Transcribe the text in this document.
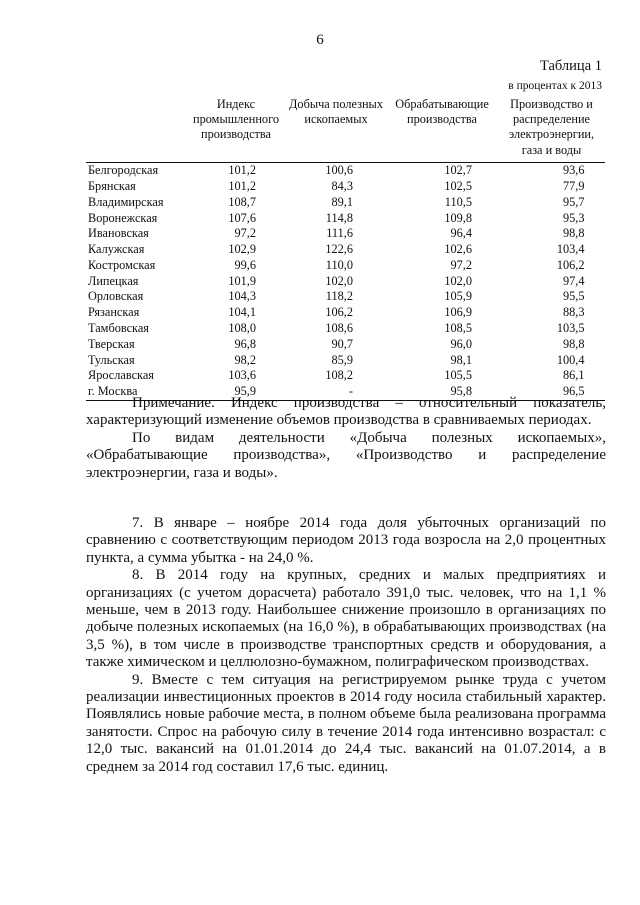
6
Таблица 1
в процентах к 2013
	Индекс промышленного производства	Добыча полезных ископаемых	Обрабатывающие производства	Производство и распределение электроэнергии, газа и воды
Белгородская	101,2	100,6	102,7	93,6
Брянская	101,2	84,3	102,5	77,9
Владимирская	108,7	89,1	110,5	95,7
Воронежская	107,6	114,8	109,8	95,3
Ивановская	97,2	111,6	96,4	98,8
Калужская	102,9	122,6	102,6	103,4
Костромская	99,6	110,0	97,2	106,2
Липецкая	101,9	102,0	102,0	97,4
Орловская	104,3	118,2	105,9	95,5
Рязанская	104,1	106,2	106,9	88,3
Тамбовская	108,0	108,6	108,5	103,5
Тверская	96,8	90,7	96,0	98,8
Тульская	98,2	85,9	98,1	100,4
Ярославская	103,6	108,2	105,5	86,1
г. Москва	95,9	-	95,8	96,5

Примечание. Индекс производства – относительный показатель, характеризующий изменение объемов производства в сравниваемых периодах.

По видам деятельности «Добыча полезных ископаемых», «Обрабатывающие производства», «Производство и распределение электроэнергии, газа и воды».

7. В январе – ноябре 2014 года доля убыточных организаций по сравнению с соответствующим периодом 2013 года возросла на 2,0 процентных пункта, а сумма убытка - на 24,0 %.

8. В 2014 году на крупных, средних и малых предприятиях и организациях (с учетом дорасчета) работало 391,0 тыс. человек, что на 1,1 % меньше, чем в 2013 году. Наибольшее снижение произошло в организациях по добыче полезных ископаемых (на 16,0 %), в обрабатывающих производствах (на 3,5 %), в том числе в производстве транспортных средств и оборудования, а также химическом и целлюлозно-бумажном, полиграфическом производствах.

9. Вместе с тем ситуация на регистрируемом рынке труда с учетом реализации инвестиционных проектов в 2014 году носила стабильный характер. Появлялись новые рабочие места, в полном объеме была реализована программа занятости. Спрос на рабочую силу в течение 2014 года интенсивно возрастал: с 12,0 тыс. вакансий на 01.01.2014 до 24,4 тыс. вакансий на 01.07.2014, а в среднем за 2014 год составил 17,6 тыс. единиц.
